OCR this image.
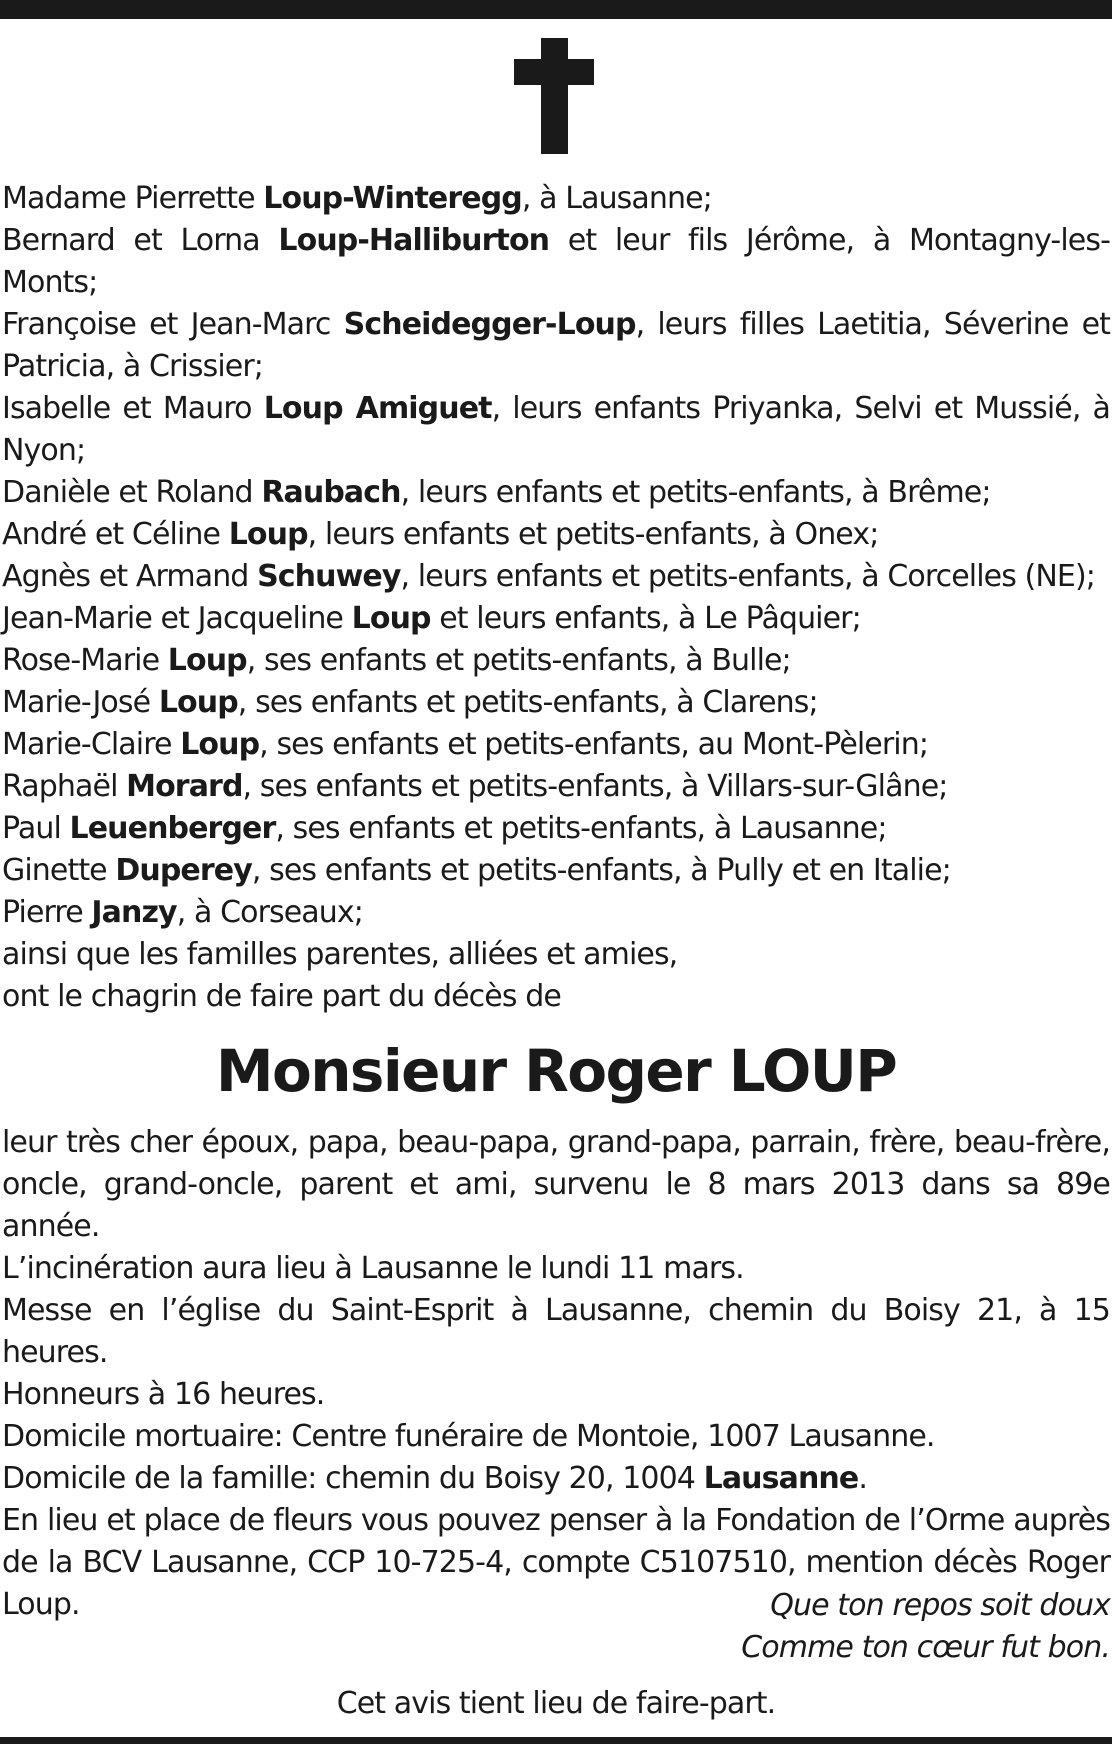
Madame Pierrette Loup-Winteregg, à Lausanne;

Bernard et Lorna Loup-Halliburton et leur fils Jérôme, à Montagny-les-Monts;

Françoise et Jean-Marc Scheidegger-Loup, leurs filles Laetitia, Séverine et Patricia, à Crissier;

Isabelle et Mauro Loup Amiguet, leurs enfants Priyanka, Selvi et Mussié, à Nyon;

Danièle et Roland Raubach, leurs enfants et petits-enfants, à Brême;

André et Céline Loup, leurs enfants et petits-enfants, à Onex;

Agnès et Armand Schuwey, leurs enfants et petits-enfants, à Corcelles (NE);

Jean-Marie et Jacqueline Loup et leurs enfants, à Le Pâquier;

Rose-Marie Loup, ses enfants et petits-enfants, à Bulle;

Marie-José Loup, ses enfants et petits-enfants, à Clarens;

Marie-Claire Loup, ses enfants et petits-enfants, au Mont-Pèlerin;

Raphaël Morard, ses enfants et petits-enfants, à Villars-sur-Glâne;

Paul Leuenberger, ses enfants et petits-enfants, à Lausanne;

Ginette Duperey, ses enfants et petits-enfants, à Pully et en Italie;

Pierre Janzy, à Corseaux;

ainsi que les familles parentes, alliées et amies,

ont le chagrin de faire part du décès de

Monsieur Roger LOUP

leur très cher époux, papa, beau-papa, grand-papa, parrain, frère, beau-frère, oncle, grand-oncle, parent et ami, survenu le 8 mars 2013 dans sa 89e année.

L’incinération aura lieu à Lausanne le lundi 11 mars.

Messe en l’église du Saint-Esprit à Lausanne, chemin du Boisy 21, à 15 heures.

Honneurs à 16 heures.

Domicile mortuaire: Centre funéraire de Montoie, 1007 Lausanne.

Domicile de la famille: chemin du Boisy 20, 1004 Lausanne.

En lieu et place de fleurs vous pouvez penser à la Fondation de l’Orme auprès de la BCV Lausanne, CCP 10-725-4, compte C5107510, mention décès Roger Loup.	Que ton repos soit doux
Comme ton cœur fut bon.
Cet avis tient lieu de faire-part.
